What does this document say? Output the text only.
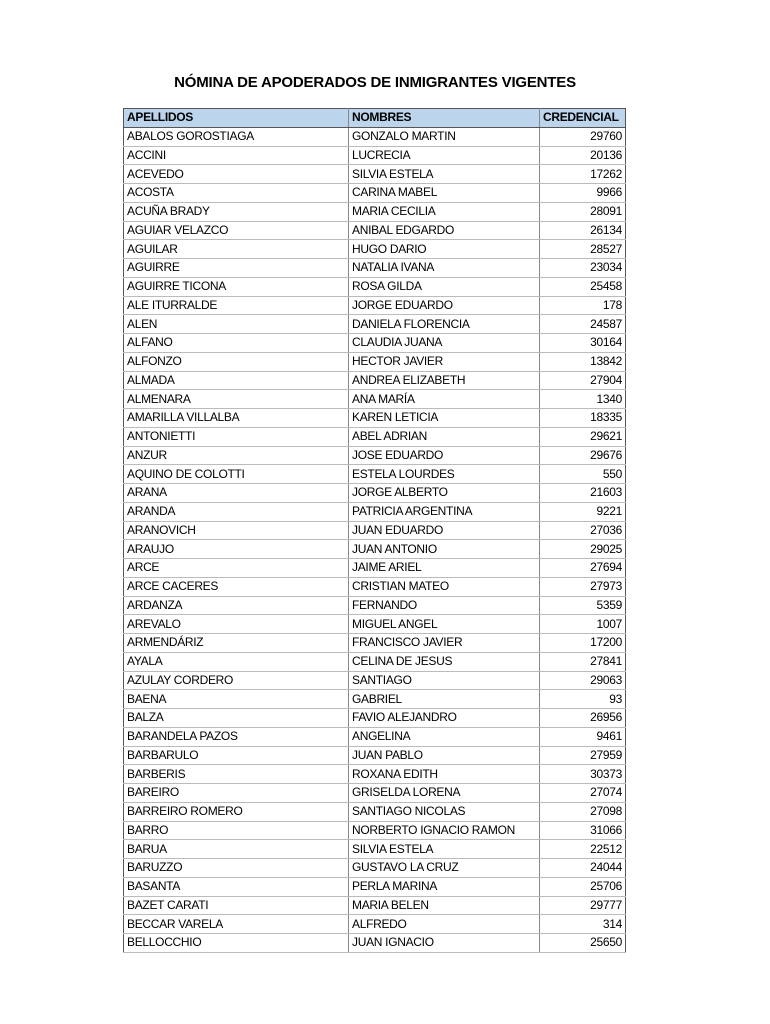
NÓMINA DE APODERADOS DE INMIGRANTES VIGENTES
APELLIDOS	NOMBRES	CREDENCIAL
ABALOS GOROSTIAGA	GONZALO MARTIN	29760
ACCINI	LUCRECIA	20136
ACEVEDO	SILVIA ESTELA	17262
ACOSTA	CARINA MABEL	9966
ACUÑA BRADY	MARIA CECILIA	28091
AGUIAR VELAZCO	ANIBAL EDGARDO	26134
AGUILAR	HUGO DARIO	28527
AGUIRRE	NATALIA IVANA	23034
AGUIRRE TICONA	ROSA GILDA	25458
ALE ITURRALDE	JORGE EDUARDO	178
ALEN	DANIELA FLORENCIA	24587
ALFANO	CLAUDIA JUANA	30164
ALFONZO	HECTOR JAVIER	13842
ALMADA	ANDREA ELIZABETH	27904
ALMENARA	ANA MARÍA	1340
AMARILLA VILLALBA	KAREN LETICIA	18335
ANTONIETTI	ABEL ADRIAN	29621
ANZUR	JOSE EDUARDO	29676
AQUINO DE COLOTTI	ESTELA LOURDES	550
ARANA	JORGE ALBERTO	21603
ARANDA	PATRICIA ARGENTINA	9221
ARANOVICH	JUAN EDUARDO	27036
ARAUJO	JUAN ANTONIO	29025
ARCE	JAIME ARIEL	27694
ARCE CACERES	CRISTIAN MATEO	27973
ARDANZA	FERNANDO	5359
AREVALO	MIGUEL ANGEL	1007
ARMENDÁRIZ	FRANCISCO JAVIER	17200
AYALA	CELINA DE JESUS	27841
AZULAY CORDERO	SANTIAGO	29063
BAENA	GABRIEL	93
BALZA	FAVIO ALEJANDRO	26956
BARANDELA PAZOS	ANGELINA	9461
BARBARULO	JUAN PABLO	27959
BARBERIS	ROXANA EDITH	30373
BAREIRO	GRISELDA LORENA	27074
BARREIRO ROMERO	SANTIAGO NICOLAS	27098
BARRO	NORBERTO IGNACIO RAMON	31066
BARUA	SILVIA ESTELA	22512
BARUZZO	GUSTAVO LA CRUZ	24044
BASANTA	PERLA MARINA	25706
BAZET CARATI	MARIA BELEN	29777
BECCAR VARELA	ALFREDO	314
BELLOCCHIO	JUAN IGNACIO	25650
